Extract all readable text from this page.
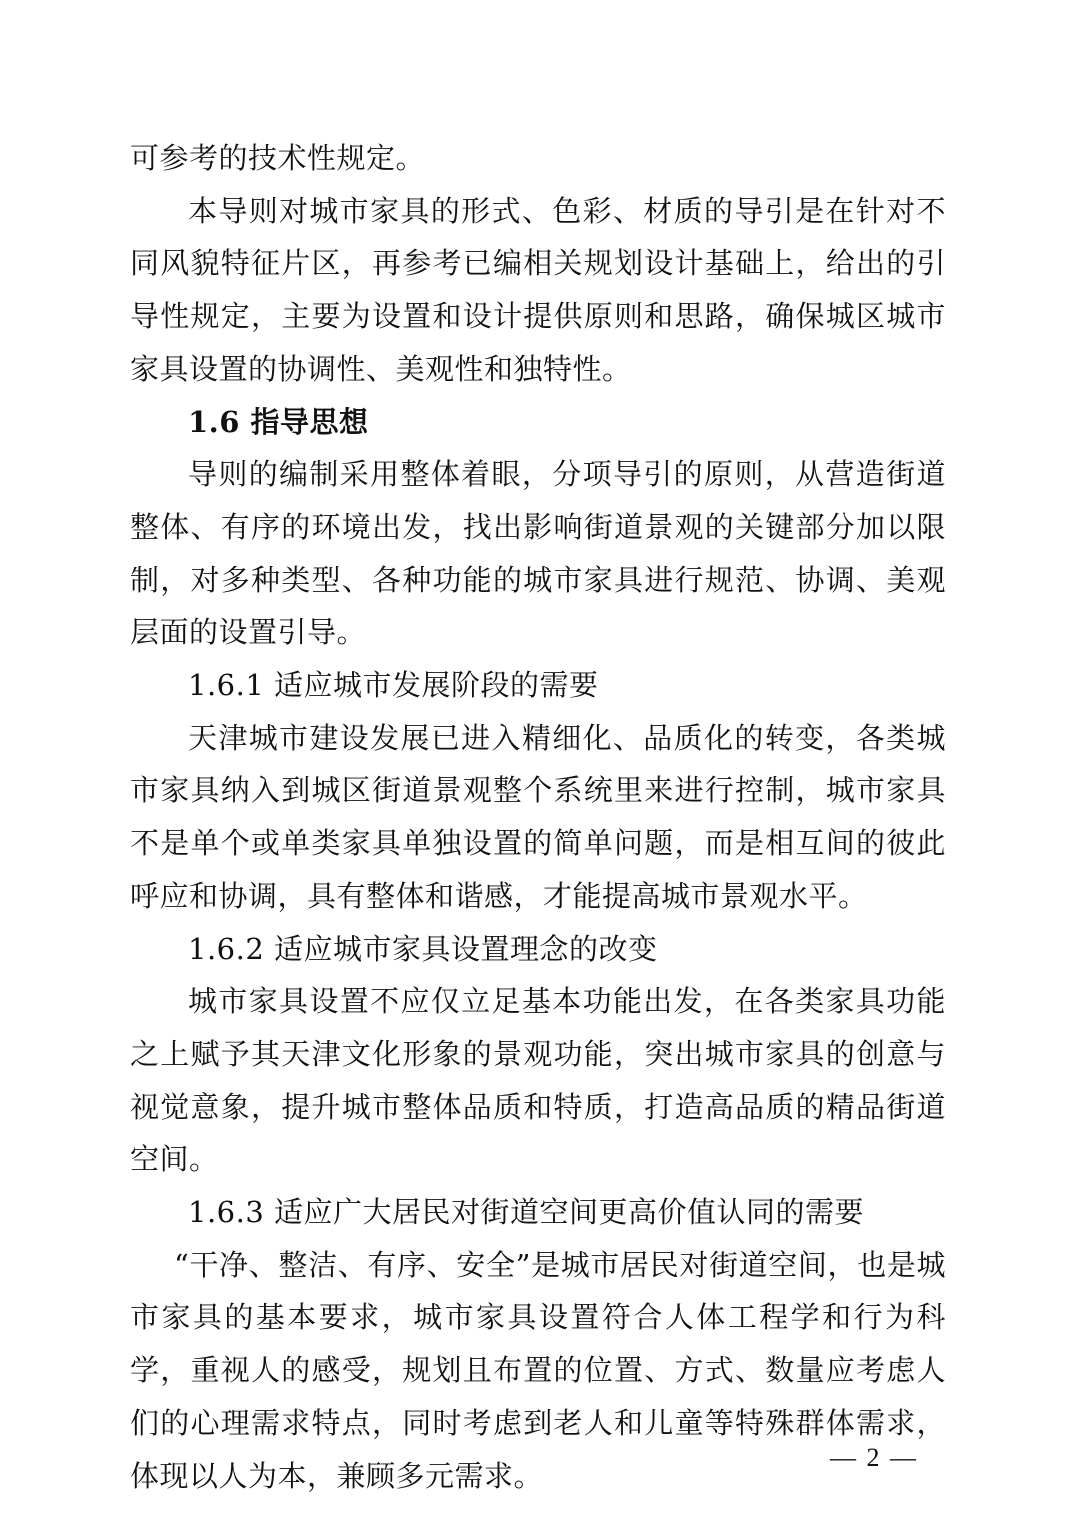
可参考的技术性规定。

本导则对城市家具的形式、色彩、材质的导引是在针对不同风貌特征片区，再参考已编相关规划设计基础上，给出的引导性规定，主要为设置和设计提供原则和思路，确保城区城市家具设置的协调性、美观性和独特性。

1.6 指导思想

导则的编制采用整体着眼，分项导引的原则，从营造街道整体、有序的环境出发，找出影响街道景观的关键部分加以限制，对多种类型、各种功能的城市家具进行规范、协调、美观层面的设置引导。

1.6.1 适应城市发展阶段的需要

天津城市建设发展已进入精细化、品质化的转变，各类城市家具纳入到城区街道景观整个系统里来进行控制，城市家具不是单个或单类家具单独设置的简单问题，而是相互间的彼此呼应和协调，具有整体和谐感，才能提高城市景观水平。

1.6.2 适应城市家具设置理念的改变

城市家具设置不应仅立足基本功能出发，在各类家具功能之上赋予其天津文化形象的景观功能，突出城市家具的创意与视觉意象，提升城市整体品质和特质，打造高品质的精品街道空间。

1.6.3 适应广大居民对街道空间更高价值认同的需要

“干净、整洁、有序、安全”是城市居民对街道空间，也是城市家具的基本要求，城市家具设置符合人体工程学和行为科学，重视人的感受，规划且布置的位置、方式、数量应考虑人们的心理需求特点，同时考虑到老人和儿童等特殊群体需求，体现以人为本，兼顾多元需求。

— 2 —
